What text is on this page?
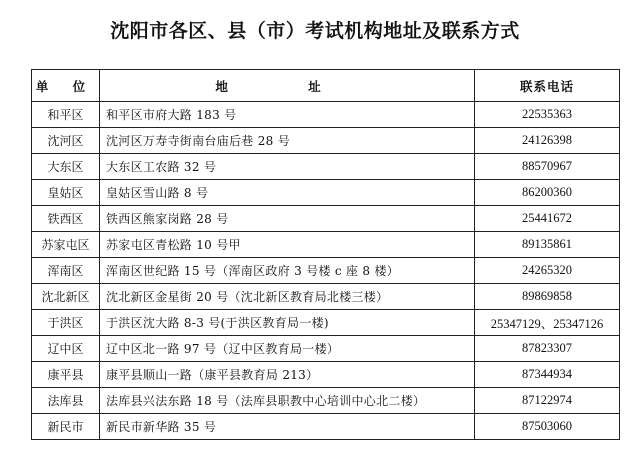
沈阳市各区、县（市）考试机构地址及联系方式
单 位	地 址	联系电话
和平区	和平区市府大路 183 号	22535363
沈河区	沈河区万寿寺街南台庙后巷 28 号	24126398
大东区	大东区工农路 32 号	88570967
皇姑区	皇姑区雪山路 8 号	86200360
铁西区	铁西区熊家岗路 28 号	25441672
苏家屯区	苏家屯区青松路 10 号甲	89135861
浑南区	浑南区世纪路 15 号（浑南区政府 3 号楼 c 座 8 楼）	24265320
沈北新区	沈北新区金星街 20 号（沈北新区教育局北楼三楼）	89869858
于洪区	于洪区沈大路 8-3 号(于洪区教育局一楼)	25347129、25347126
辽中区	辽中区北一路 97 号（辽中区教育局一楼）	87823307
康平县	康平县顺山一路（康平县教育局 213）	87344934
法库县	法库县兴法东路 18 号（法库县职教中心培训中心北二楼）	87122974
新民市	新民市新华路 35 号	87503060
